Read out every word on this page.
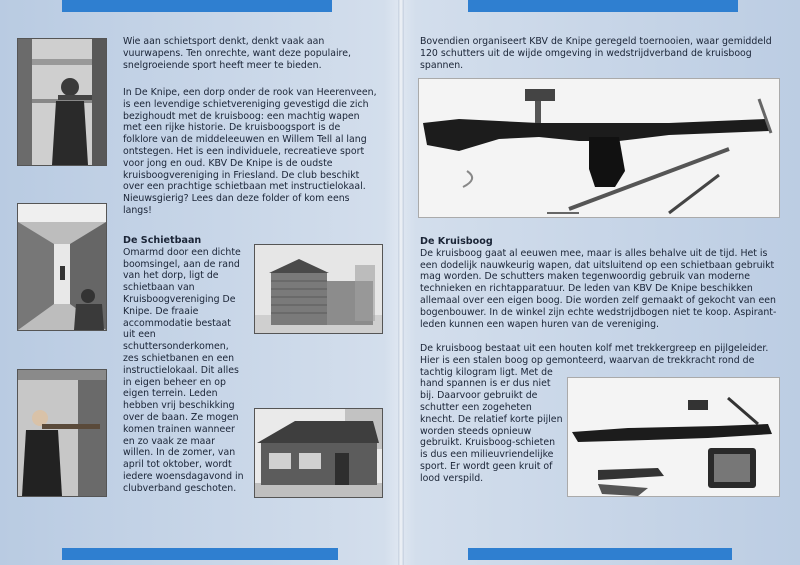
Wie aan schietsport denkt, denkt vaak aan vuurwapens. Ten onrechte, want deze populaire, snelgroeiende sport heeft meer te bieden.

In De Knipe, een dorp onder de rook van Heerenveen, is een levendige schietvereniging gevestigd die zich bezighoudt met de kruisboog: een machtig wapen met een rijke historie. De kruisboogsport is de folklore van de middeleeuwen en Willem Tell al lang ontstegen. Het is een individuele, recreatieve sport voor jong en oud. KBV De Knipe is de oudste kruisboogvereniging in Friesland. De club beschikt over een prachtige schietbaan met instructielokaal. Nieuwsgierig? Lees dan deze folder of kom eens langs!

De Schietbaan

Omarmd door een dichte boomsingel, aan de rand van het dorp, ligt de schietbaan van Kruisboogvereniging De Knipe. De fraaie accommodatie bestaat uit een schuttersonderkomen, zes schietbanen en een instructielokaal. Dit alles in eigen beheer en op eigen terrein. Leden hebben vrij beschikking over de baan. Ze mogen komen trainen wanneer en zo vaak ze maar willen. In de zomer, van april tot oktober, wordt iedere woensdagavond in clubverband geschoten.

Bovendien organiseert KBV de Knipe geregeld toernooien, waar gemiddeld 120 schutters uit de wijde omgeving in wedstrijdverband de kruisboog spannen.

De Kruisboog

De kruisboog gaat al eeuwen mee, maar is alles behalve uit de tijd. Het is een dodelijk nauwkeurig wapen, dat uitsluitend op een schietbaan gebruikt mag worden. De schutters maken tegenwoordig gebruik van moderne technieken en richtapparatuur. De leden van KBV De Knipe beschikken allemaal over een eigen boog. Die worden zelf gemaakt of gekocht van een bogenbouwer. In de winkel zijn echte wedstrijdbogen niet te koop. Aspirant-leden kunnen een wapen huren van de vereniging.

De kruisboog bestaat uit een houten kolf met trekkergreep en pijlgeleider. Hier is een stalen boog op gemonteerd, waarvan de trekkracht rond de tachtig kilogram ligt. Met de hand spannen is er dus niet bij. Daarvoor gebruikt de schutter een zogeheten knecht. De relatief korte pijlen worden steeds opnieuw gebruikt. Kruisboog-schieten is dus een milieuvriendelijke sport. Er wordt geen kruit of lood verspild.
